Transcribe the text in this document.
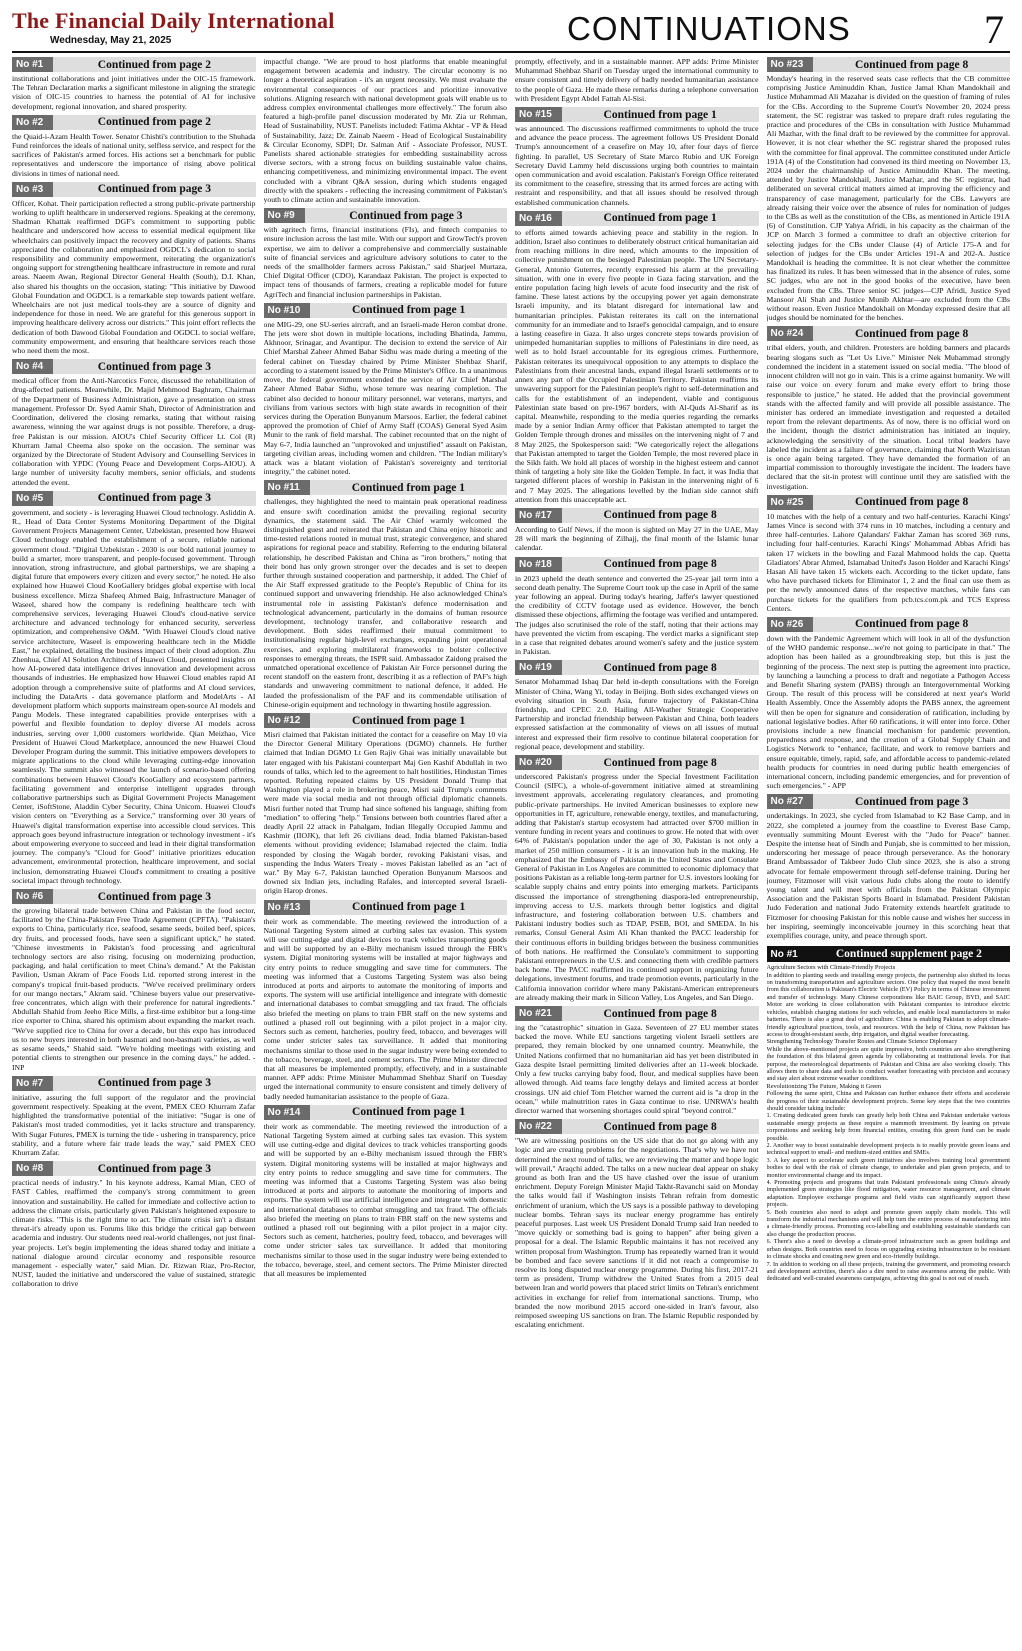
The Financial Daily International
Wednesday, May 21, 2025	CONTINUATIONS	7
No #1	Continued from page 2

institutional collaborations and joint initiatives under the OIC-15 framework. The Tehran Declaration marks a significant milestone in aligning the strategic vision of OIC-15 countries to harness the potential of AI for inclusive development, regional innovation, and shared prosperity.

No #2	Continued from page 2

the Quaid-i-Azam Health Tower. Senator Chishti's contribution to the Shuhada Fund reinforces the ideals of national unity, selfless service, and respect for the sacrifices of Pakistan's armed forces. His actions set a benchmark for public representatives and underscore the importance of rising above political divisions in times of national need.

No #3	Continued from page 3

Officer, Kohat. Their participation reflected a strong public-private partnership working to uplift healthcare in underserved regions. Speaking at the ceremony, Shadman Khattak reaffirmed DGF's commitment to supporting public healthcare and underscored how access to essential medical equipment like wheelchairs can positively impact the recovery and dignity of patients. Shams appreciated the collaboration and emphasized OGDCL's dedication to social responsibility and community empowerment, reiterating the organization's ongoing support for strengthening healthcare infrastructure in remote and rural areas. Naeem Awan, Regional Director General Health (South), D.I. Khan, also shared his thoughts on the occasion, stating: "This initiative by Dawood Global Foundation and OGDCL is a remarkable step towards patient welfare. Wheelchairs are not just medical tools-they are a source of dignity and independence for those in need. We are grateful for this generous support in improving healthcare delivery across our districts." This joint effort reflects the dedication of both Dawood Global Foundation and OGDCL to social welfare, community empowerment, and ensuring that healthcare services reach those who need them the most.

No #4	Continued from page 3

medical officer from the Anti-Narcotics Force, discussed the rehabilitation of drug-affected patients. Meanwhile, Dr. Majid Mehmood Baghram, Chairman of the Department of Business Administration, gave a presentation on stress management. Professor Dr. Syed Aamir Shah, Director of Administration and Coordination, delivered the closing remarks, stating that without raising awareness, winning the war against drugs is not possible. Therefore, a drug-free Pakistan is our mission. AIOU's Chief Security Officer Lt. Col (R) Khurram Jamal Cheema also spoke on the occasion. The seminar was organized by the Directorate of Student Advisory and Counselling Services in collaboration with YPDC (Young Peace and Development Corps-AIOU). A large number of university faculty members, senior officials, and students attended the event.

No #5	Continued from page 3

government, and society - is leveraging Huawei Cloud technology. Asliddin A. R., Head of Data Center Systems Monitoring Department of the Digital Government Projects Management Center, Uzbekistan, presented how Huawei Cloud technology enabled the establishment of a secure, reliable national government cloud. "Digital Uzbekistan - 2030 is our bold national journey to build a smarter, more transparent, and people-focused government. Through innovation, strong infrastructure, and global partnerships, we are shaping a digital future that empowers every citizen and every sector," he noted. He also explained how Huawei Cloud KooGallery bridges global expertise with local business excellence. Mirza Shafeeq Ahmed Baig, Infrastructure Manager of Waseel, shared how the company is redefining healthcare tech with comprehensive services, leveraging Huawei Cloud's cloud-native service architecture and advanced technology for enhanced security, serverless optimization, and comprehensive O&M. "With Huawei Cloud's cloud native service architecture, Waseel is empowering healthcare tech in the Middle East," he explained, detailing the business impact of their cloud adoption. Zhu Zhenhua, Chief AI Solution Architect of Huawei Cloud, presented insights on how AI-powered data intelligence drives innovation and development across thousands of industries. He emphasized how Huawei Cloud enables rapid AI adoption through a comprehensive suite of platforms and AI cloud services, including the DataArts - data governance platform and ModelArts - AI development platform which supports mainstream open-source AI models and Pangu Models. These integrated capabilities provide enterprises with a powerful and flexible foundation to deploy diverse AI models across industries, serving over 1,000 customers worldwide. Qian Meizhao, Vice President of Huawei Cloud Marketplace, announced the new Huawei Cloud Developer Program during the summit. This initiative empowers developers to migrate applications to the cloud while leveraging cutting-edge innovation seamlessly. The summit also witnessed the launch of scenario-based offering combinations between Huawei Cloud's KooGallery and ecosystem partners, facilitating government and enterprise intelligent upgrades through collaborative partnerships such as Digital Government Projects Management Center, iSoftStone, Aladdin Cyber Security, China Unicom. Huawei Cloud's vision centers on "Everything as a Service," transforming over 30 years of Huawei's digital transformation expertise into accessible cloud services. This approach goes beyond infrastructure integration or technology investment - it's about empowering everyone to succeed and lead in their digital transformation journey. The company's "Cloud for Good" initiative prioritizes education advancement, environmental protection, healthcare improvement, and social inclusion, demonstrating Huawei Cloud's commitment to creating a positive societal impact through technology.

No #6	Continued from page 3

the growing bilateral trade between China and Pakistan in the food sector, facilitated by the China-Pakistan Free Trade Agreement (CPFTA). "Pakistan's exports to China, particularly rice, seafood, sesame seeds, boiled beef, spices, dry fruits, and processed foods, have seen a significant uptick," he stated. "Chinese investments in Pakistan's food processing and agricultural technology sectors are also rising, focusing on modernizing production, packaging, and halal certification to meet China's demand." At the Pakistan Pavilion, Usman Akram of Pace Foods Ltd. reported strong interest in the company's tropical fruit-based products. "We've received preliminary orders for our mango nectars," Akram said. "Chinese buyers value our preservative-free concentrates, which align with their preference for natural ingredients." Abdullah Shahid from Jeeho Rice Mills, a first-time exhibitor but a long-time rice exporter to China, shared his optimism about expanding the market reach. "We've supplied rice to China for over a decade, but this expo has introduced us to new buyers interested in both basmati and non-basmati varieties, as well as sesame seeds," Shahid said. "We're holding meetings with existing and potential clients to strengthen our presence in the coming days," he added. - INP

No #7	Continued from page 3

initiative, assuring the full support of the regulator and the provincial government respectively. Speaking at the event, PMEX CEO Khurram Zafar highlighted the transformative potential of the initiative: "Sugar is one of Pakistan's most traded commodities, yet it lacks structure and transparency. With Sugar Futures, PMEX is turning the tide - ushering in transparency, price stability, and a future where fair trade leads the way," said PMEX CEO Khurram Zafar.

No #8	Continued from page 3

practical needs of industry." In his keynote address, Kamal Mian, CEO of FAST Cables, reaffirmed the company's strong commitment to green innovation and sustainability. He called for immediate and collective action to address the climate crisis, particularly given Pakistan's heightened exposure to climate risks. "This is the right time to act. The climate crisis isn't a distant threat-it's already upon us. Forums like this bridge the critical gap between academia and industry. Our students need real-world challenges, not just final-year projects. Let's begin implementing the ideas shared today and initiate a national dialogue around circular economy and responsible resource management - especially water," said Mian. Dr. Rizwan Riaz, Pro-Rector, NUST, lauded the initiative and underscored the value of sustained, strategic collaboration to drive

impactful change. "We are proud to host platforms that enable meaningful engagement between academia and industry. The circular economy is no longer a theoretical aspiration - it's an urgent necessity. We must evaluate the environmental consequences of our practices and prioritize innovative solutions. Aligning research with national development goals will enable us to address complex environmental challenges more effectively." The forum also featured a high-profile panel discussion moderated by Mr. Zia ur Rehman, Head of Sustainability, NUST. Panelists included: Fatima Akhtar - VP & Head of Sustainability, Jazz; Dr. Zainab Naeem - Head of Ecological Sustainability & Circular Economy, SDPI; Dr. Salman Atif - Associate Professor, NUST. Panelists shared actionable strategies for embedding sustainability across diverse sectors, with a strong focus on building sustainable value chains, enhancing competitiveness, and minimizing environmental impact. The event concluded with a vibrant Q&A session, during which students engaged directly with the speakers - reflecting the increasing commitment of Pakistan's youth to climate action and sustainable innovation.

No #9	Continued from page 3

with agritech firms, financial institutions (FIs), and fintech companies to ensure inclusion across the last mile. With our support and GrowTech's proven expertise, we aim to deliver a comprehensive and commercially sustainable suite of financial services and agriculture advisory solutions to cater to the needs of the smallholder farmers across Pakistan," said Sharjeel Murtaza, Chief Digital Officer (CDO), Karandaaz Pakistan. The project is expected to impact tens of thousands of farmers, creating a replicable model for future AgriTech and financial inclusion partnerships in Pakistan.

No #10	Continued from page 1

one MIG-29, one SU-series aircraft, and an Israeli-made Heron combat drone. The jets were shot down in multiple locations, including Bhatinda, Jammu, Akhnoor, Srinagar, and Avantipur. The decision to extend the service of Air Chief Marshal Zaheer Ahmed Babar Sidhu was made during a meeting of the federal cabinet on Tuesday chaired by Prime Minister Shehbaz Sharif, according to a statement issued by the Prime Minister's Office. In a unanimous move, the federal government extended the service of Air Chief Marshal Zaheer Ahmed Babar Sidhu, whose tenure was nearing completion. The cabinet also decided to honour military personnel, war veterans, martyrs, and civilians from various sectors with high state awards in recognition of their services during the Operation Bunyanum Marsoos. Earlier, the federal cabinet approved the promotion of Chief of Army Staff (COAS) General Syed Asim Munir to the rank of field marshal. The cabinet recounted that on the night of May 6-7, India launched an "unprovoked and unjustified" assault on Pakistan, targeting civilian areas, including women and children. "The Indian military's attack was a blatant violation of Pakistan's sovereignty and territorial integrity," the cabinet noted.

No #11	Continued from page 1

challenges, they highlighted the need to maintain peak operational readiness and ensure swift coordination amidst the prevailing regional security dynamics, the statement said. The Air Chief warmly welcomed the distinguished guest and reiterated that Pakistan and China enjoy historic and time-tested relations rooted in mutual trust, strategic convergence, and shared aspirations for regional peace and stability. Referring to the enduring bilateral relationship, he described Pakistan and China as "iron brothers," noting that their bond has only grown stronger over the decades and is set to deepen further through sustained cooperation and partnership, it added. The Chief of the Air Staff expressed gratitude to the People's Republic of China for its continued support and unwavering friendship. He also acknowledged China's instrumental role in assisting Pakistan's defence modernisation and technological advancement, particularly in the domains of human resource development, technology transfer, and collaborative research and development. Both sides reaffirmed their mutual commitment to institutionalising regular high-level exchanges, expanding joint operational exercises, and exploring multilateral frameworks to bolster collective responses to emerging threats, the ISPR said. Ambassador Zaidong praised the unmatched operational excellence of Pakistan Air Force personnel during the recent standoff on the eastern front, describing it as a reflection of PAF's high standards and unwavering commitment to national defence, it added. He lauded the professionalism of the PAF and its commendable utilisation of Chinese-origin equipment and technology in thwarting hostile aggression.

No #12	Continued from page 1

Misri claimed that Pakistan initiated the contact for a ceasefire on May 10 via the Director General Military Operations (DGMO) channels. He further claimed that Indian DGMO Lt Gen Rajiv Ghai was initially unavailable but later engaged with his Pakistani counterpart Maj Gen Kashif Abdullah in two rounds of talks, which led to the agreement to halt hostilities, Hindustan Times reported. Refuting repeated claims by US President Donald Trump that Washington played a role in brokering peace, Misri said Trump's comments were made via social media and not through official diplomatic channels. Misri further noted that Trump had since softened his language, shifting from "mediation" to offering "help." Tensions between both countries flared after a deadly April 22 attack in Pahalgam, Indian Illegally Occupied Jammu and Kashmir (IIOJK), that left 26 civilians dead. India blamed Pakistan-based elements without providing evidence; Islamabad rejected the claim. India responded by closing the Wagah border, revoking Pakistani visas, and suspending the Indus Waters Treaty - moves Pakistan labelled as an "act of war." By May 6-7, Pakistan launched Operation Bunyanum Marsoos and downed six Indian jets, including Rafales, and intercepted several Israeli-origin Harop drones.

No #13	Continued from page 1

their work as commendable. The meeting reviewed the introduction of a National Targeting System aimed at curbing sales tax evasion. This system will use cutting-edge and digital devices to track vehicles transporting goods and will be supported by an e-Bilty mechanism issued through the FBR's system. Digital monitoring systems will be installed at major highways and city entry points to reduce smuggling and save time for commuters. The meeting was informed that a Customs Targeting System was also being introduced at ports and airports to automate the monitoring of imports and exports. The system will use artificial intelligence and integrate with domestic and international databases to combat smuggling and tax fraud. The officials also briefed the meeting on plans to train FBR staff on the new systems and outlined a phased roll out beginning with a pilot project in a major city. Sectors such as cement, hatcheries, poultry feed, tobacco, and beverages will come under stricter sales tax surveillance. It added that monitoring mechanisms similar to those used in the sugar industry were being extended to the tobacco, beverage, steel, and cement sectors. The Prime Minister directed that all measures be implemented promptly, effectively, and in a sustainable manner. APP adds: Prime Minister Muhammad Shehbaz Sharif on Tuesday urged the international community to ensure consistent and timely delivery of badly needed humanitarian assistance to the people of Gaza.

No #14	Continued from page 1

their work as commendable. The meeting reviewed the introduction of a National Targeting System aimed at curbing sales tax evasion. This system will use cutting-edge and digital devices to track vehicles transporting goods and will be supported by an e-Bilty mechanism issued through the FBR's system. Digital monitoring systems will be installed at major highways and city entry points to reduce smuggling and save time for commuters. The meeting was informed that a Customs Targeting System was also being introduced at ports and airports to automate the monitoring of imports and exports. The system will use artificial intelligence and integrate with domestic and international databases to combat smuggling and tax fraud. The officials also briefed the meeting on plans to train FBR staff on the new systems and outlined a phased roll out beginning with a pilot project in a major city. Sectors such as cement, hatcheries, poultry feed, tobacco, and beverages will come under stricter sales tax surveillance. It added that monitoring mechanisms similar to those used in the sugar industry were being extended to the tobacco, beverage, steel, and cement sectors. The Prime Minister directed that all measures be implemented

promptly, effectively, and in a sustainable manner. APP adds: Prime Minister Muhammad Shehbaz Sharif on Tuesday urged the international community to ensure consistent and timely delivery of badly needed humanitarian assistance to the people of Gaza. He made these remarks during a telephone conversation with President Egypt Abdel Fattah Al-Sisi.

No #15	Continued from page 1

was announced. The discussions reaffirmed commitments to uphold the truce and advance the peace process. The agreement follows US President Donald Trump's announcement of a ceasefire on May 10, after four days of fierce fighting. In parallel, US Secretary of State Marco Rubio and UK Foreign Secretary David Lammy held discussions urging both countries to maintain open communication and avoid escalation. Pakistan's Foreign Office reiterated its commitment to the ceasefire, stressing that its armed forces are acting with restraint and responsibility, and that all issues should be resolved through established communication channels.

No #16	Continued from page 1

to efforts aimed towards achieving peace and stability in the region. In addition, Israel also continues to deliberately obstruct critical humanitarian aid from reaching millions in dire need, which amounts to the imposition of collective punishment on the besieged Palestinian people. The UN Secretary-General, Antonio Guterres, recently expressed his alarm at the prevailing situation, with one in every five people in Gaza facing starvation, and the entire population facing high levels of acute food insecurity and the risk of famine. These latest actions by the occupying power yet again demonstrate Israeli impunity, and its blatant disregard for international law and humanitarian principles. Pakistan reiterates its call on the international community for an immediate and to Israel's genocidal campaign, and to ensure a lasting ceasefire in Gaza. It also urges concrete steps towards provision of unimpeded humanitarian supplies to millions of Palestinians in dire need, as well as to hold Israel accountable for its egregious crimes. Furthermore, Pakistan reiterates its unequivocal opposition to any attempts to displace the Palestinians from their ancestral lands, expand illegal Israeli settlements or to annex any part of the Occupied Palestinian Territory. Pakistan reaffirms its unwavering support for the Palestinian people's right to self-determination and calls for the establishment of an independent, viable and contiguous Palestinian state based on pre-1967 borders, with Al-Quds Al-Sharif as its capital. Meanwhile, responding to the media queries regarding the remarks made by a senior Indian Army officer that Pakistan attempted to target the Golden Temple through drones and missiles on the intervening night of 7 and 8 May 2025, the Spokesperson said: "We categorically reject the allegations that Pakistan attempted to target the Golden Temple, the most revered place in the Sikh faith. We hold all places of worship in the highest esteem and cannot think of targeting a holy site like the Golden Temple. In fact, it was India that targeted different places of worship in Pakistan in the intervening night of 6 and 7 May 2025. The allegations levelled by the Indian side cannot shift attention from this unacceptable act.

No #17	Continued from page 8

According to Gulf News, if the moon is sighted on May 27 in the UAE, May 28 will mark the beginning of Zilhajj, the final month of the Islamic lunar calendar.

No #18	Continued from page 8

in 2023 upheld the death sentence and converted the 25-year jail term into a second death penalty. The Supreme Court took up the case in April of the same year following an appeal. During today's hearing, Jaffer's lawyer questioned the credibility of CCTV footage used as evidence. However, the bench dismissed these objections, affirming the footage was verified and untampered. The judges also scrutinised the role of the staff, noting that their actions may have prevented the victim from escaping. The verdict marks a significant step in a case that reignited debates around women's safety and the justice system in Pakistan.

No #19	Continued from page 8

Senator Mohammad Ishaq Dar held in-depth consultations with the Foreign Minister of China, Wang Yi, today in Beijing. Both sides exchanged views on evolving situation in South Asia, future trajectory of Pakistan-China friendship, and CPEC 2.0. Hailing All-Weather Strategic Cooperative Partnership and ironclad friendship between Pakistan and China, both leaders expressed satisfaction at the commonality of views on all issues of mutual interest and expressed their firm resolve to continue bilateral cooperation for regional peace, development and stability.

No #20	Continued from page 8

underscored Pakistan's progress under the Special Investment Facilitation Council (SIFC), a whole-of-government initiative aimed at streamlining investment approvals, accelerating regulatory clearances, and promoting public-private partnerships. He invited American businesses to explore new opportunities in IT, agriculture, renewable energy, textiles, and manufacturing, adding that Pakistan's startup ecosystem had attracted over $700 million in venture funding in recent years and continues to grow. He noted that with over 64% of Pakistan's population under the age of 30, Pakistan is not only a market of 250 million consumers - it is an innovation hub in the making. He emphasized that the Embassy of Pakistan in the United States and Consulate General of Pakistan in Los Angeles are committed to economic diplomacy that positions Pakistan as a reliable long-term partner for U.S. investors looking for scalable supply chains and entry points into emerging markets. Participants discussed the importance of strengthening diaspora-led entrepreneurship, improving access to U.S. markets through better logistics and digital infrastructure, and fostering collaboration between U.S. chambers and Pakistani industry bodies such as TDAP, PSEB, BOI, and SMEDA. In his remarks, Consul General Asim Ali Khan thanked the PACC leadership for their continuous efforts in building bridges between the business communities of both nations. He reaffirmed the Consulate's commitment to supporting Pakistani entrepreneurs in the U.S. and connecting them with credible partners back home. The PACC reaffirmed its continued support in organizing future delegations, investment forums, and trade promotion events, particularly in the California innovation corridor where many Pakistani-American entrepreneurs are already making their mark in Silicon Valley, Los Angeles, and San Diego.

No #21	Continued from page 8

ing the "catastrophic" situation in Gaza. Seventeen of 27 EU member states backed the move. While EU sanctions targeting violent Israeli settlers are prepared, they remain blocked by one unnamed country. Meanwhile, the United Nations confirmed that no humanitarian aid has yet been distributed in Gaza despite Israel permitting limited deliveries after an 11-week blockade. Only a few trucks carrying baby food, flour, and medical supplies have been allowed through. Aid teams face lengthy delays and limited access at border crossings. UN aid chief Tom Fletcher warned the current aid is "a drop in the ocean," while malnutrition rates in Gaza continue to rise. UNRWA's health director warned that worsening shortages could spiral "beyond control."

No #22	Continued from page 8

"We are witnessing positions on the US side that do not go along with any logic and are creating problems for the negotiations. That's why we have not determined the next round of talks, we are reviewing the matter and hope logic will prevail," Araqchi added. The talks on a new nuclear deal appear on shaky ground as both Iran and the US have clashed over the issue of uranium enrichment. Deputy Foreign Minister Majid Takht-Ravanchi said on Monday the talks would fail if Washington insists Tehran refrain from domestic enrichment of uranium, which the US says is a possible pathway to developing nuclear bombs. Tehran says its nuclear energy programme has entirely peaceful purposes. Last week US President Donald Trump said Iran needed to "move quickly or something bad is going to happen" after being given a proposal for a deal. The Islamic Republic maintains it has not received any written proposal from Washington. Trump has repeatedly warned Iran it would be bombed and face severe sanctions if it did not reach a compromise to resolve its long disputed nuclear energy programme. During his first, 2017-21 term as president, Trump withdrew the United States from a 2015 deal between Iran and world powers that placed strict limits on Tehran's enrichment activities in exchange for relief from international sanctions. Trump, who branded the now moribund 2015 accord one-sided in Iran's favour, also reimposed sweeping US sanctions on Iran. The Islamic Republic responded by escalating enrichment.

No #23	Continued from page 8

Monday's hearing in the reserved seats case reflects that the CB committee comprising Justice Aminuddin Khan, Justice Jamal Khan Mandokhail and Justice Muhammad Ali Mazahar is divided on the question of framing of rules for the CBs. According to the Supreme Court's November 20, 2024 press statement, the SC registrar was tasked to prepare draft rules regulating the practice and procedures of the CBs in consultation with Justice Muhammad Ali Mazhar, with the final draft to be reviewed by the committee for approval. However, it is not clear whether the SC registrar shared the proposed rules with the committee for final approval. The committee constituted under Article 191A (4) of the Constitution had convened its third meeting on November 13, 2024 under the chairmanship of Justice Aminuddin Khan. The meeting, attended by Justice Mandokhail, Justice Mazhar, and the SC registrar, had deliberated on several critical matters aimed at improving the efficiency and transparency of case management, particularly for the CBs. Lawyers are already raising their voice over the absence of rules for nomination of judges to the CBs as well as the constitution of the CBs, as mentioned in Article 191A (6) of Constitution. CJP Yahya Afridi, in his capacity as the chairman of the JCP on March 3 formed a committee to draft an objective criterion for selecting judges for the CBs under Clause (4) of Article 175-A and for selection of judges for the CBs under Articles 191-A and 202-A. Justice Mandokhail is heading the committee. It is not clear whether the committee has finalized its rules. It has been witnessed that in the absence of rules, some SC judges, who are not in the good books of the executive, have been excluded from the CBs. Three senior SC judges—CJP Afridi, Justice Syed Mansoor Ali Shah and Justice Munib Akhtar—are excluded from the CBs without reason. Even Justice Mandokhail on Monday expressed desire that all judges should be nominated for the benches.

No #24	Continued from page 8

tribal elders, youth, and children. Protesters are holding banners and placards bearing slogans such as "Let Us Live." Minister Nek Muhammad strongly condemned the incident in a statement issued on social media. "The blood of innocent children will not go in vain. This is a crime against humanity. We will raise our voice on every forum and make every effort to bring those responsible to justice," he stated. He added that the provincial government stands with the affected family and will provide all possible assistance. The minister has ordered an immediate investigation and requested a detailed report from the relevant departments. As of now, there is no official word on the incident, though the district administration has initiated an inquiry, acknowledging the sensitivity of the situation. Local tribal leaders have labeled the incident as a failure of governance, claiming that North Waziristan is once again being targeted. They have demanded the formation of an impartial commission to thoroughly investigate the incident. The leaders have declared that the sit-in protest will continue until they are satisfied with the investigation.

No #25	Continued from page 8

10 matches with the help of a century and two half-centuries. Karachi Kings' James Vince is second with 374 runs in 10 matches, including a century and three half-centuries. Lahore Qalandars' Fakhar Zaman has scored 369 runs, including four half-centuries. Karachi Kings' Mohammad Abbas Afridi has taken 17 wickets in the bowling and Fazal Mahmood holds the cap. Quetta Gladiators' Abrar Ahmed, Islamabad United's Jason Holder and Karachi Kings' Hasan Ali have taken 15 wickets each. According to the ticket update, fans who have purchased tickets for Eliminator 1, 2 and the final can use them as per the newly announced dates of the respective matches, while fans can purchase tickets for the qualifiers from pcb.tcs.com.pk and TCS Express Centers.

No #26	Continued from page 8

down with the Pandemic Agreement which will look in all of the dysfunction of the WHO pandemic response...we're not going to participate in that." The adoption has been hailed as a groundbreaking step, but this is just the beginning of the process. The next step is putting the agreement into practice, by launching a launching a process to draft and negotiate a Pathogen Access and Benefit Sharing system (PABS) through an Intergovernmental Working Group. The result of this process will be considered at next year's World Health Assembly. Once the Assembly adopts the PABS annex, the agreement will then be open for signature and consideration of ratification, including by national legislative bodies. After 60 ratifications, it will enter into force. Other provisions include a new financial mechanism for pandemic prevention, preparedness and response, and the creation of a Global Supply Chain and Logistics Network to "enhance, facilitate, and work to remove barriers and ensure equitable, timely, rapid, safe, and affordable access to pandemic-related health products for countries in need during public health emergencies of international concern, including pandemic emergencies, and for prevention of such emergencies." - APP

No #27	Continued from page 3

undertakings. In 2023, she cycled from Islamabad to K2 Base Camp, and in 2022, she completed a journey from the coastline to Everest Base Camp, eventually summiting Mount Everest with the "Judo for Peace" banner. Despite the intense heat of Sindh and Punjab, she is committed to her mission, underscoring her message of peace through perseverance. As the honorary Brand Ambassador of Takbeer Judo Club since 2023, she is also a strong advocate for female empowerment through self-defense training. During her journey, Fitzmoser will visit various Judo clubs along the route to identify young talent and will meet with officials from the Pakistan Olympic Association and the Pakistan Sports Board in Islamabad. President Pakistan Judo Federation and national Judo Fraternity extends heartfelt gratitude to Fitzmoser for choosing Pakistan for this noble cause and wishes her success in her inspiring, seemingly inconceivable journey in this scorching heat that exemplifies courage, unity, and peace through sport.

No #1	Continued supplement page 2

Agriculture Sectors with Climate-Friendly Projects

In addition to planting seeds and installing energy projects, the partnership also shifted its focus on transforming transportation and agriculture sectors. One policy that reaped the most benefit from this collaboration is Pakistan's Electric Vehicle (EV) Policy in terms of Chinese investment and transfer of technology. Many Chinese corporations like BAIC Group, BYD, and SAIC Motor are working in close collaboration with Pakistani companies to introduce electric vehicles, establish charging stations for such vehicles, and enable local manufacturers to make batteries. There is also a great deal of agriculture. China is enabling Pakistan to adopt climate-friendly agricultural practices, tools, and resources. With the help of China, now Pakistan has access to drought-resistant seeds, drip irrigation, and digital weather forecasting.

Strengthening Technology Transfer Routes and Climate Science Diplomacy

While the above-mentioned projects are quite impressive, both countries are also strengthening the foundation of this bilateral green agenda by collaborating at institutional levels. For that purpose, the meteorological departments of Pakistan and China are also working closely. This allows them to share data and tools to conduct weather forecasting with precision and accuracy and stay alert about extreme weather conditions.

Revolutionizing The Future, Making it Green

Following the same spirit, China and Pakistan can further enhance their efforts and accelerate the progress of their sustainable development projects. Some key steps that the two countries should consider taking include:

1. Creating dedicated green funds can greatly help both China and Pakistan undertake various sustainable energy projects as these require a mammoth investment. By leaning on private corporations and seeking help from financial entities, creating this green fund can be made possible.

2. Another way to boost sustainable development projects is to readily provide green loans and technical support to small- and medium-sized entities and SMEs.

3. A key aspect to accelerate such green initiatives also involves training local government bodies to deal with the risk of climate change, to undertake and plan green projects, and to monitor environmental change and its impact.

4. Promoting projects and programs that train Pakistani professionals using China's already implemented green strategies like flood mitigation, water resource management, and climate adaptation. Employee exchange programs and field visits can significantly support these projects.

5. Both countries also need to adopt and promote green supply chain models. This will transform the industrial mechanisms and will help turn the entire process of manufacturing into a climate-friendly process. Promoting eco-labelling and establishing sustainable standards can also change the production process.

6. There's also a need to develop a climate-proof infrastructure such as green buildings and urban designs. Both countries need to focus on upgrading existing infrastructure to be resistant to climate shocks and creating new green and eco-friendly buildings.

7. In addition to working on all these projects, training the government, and promoting research and development activities, there's also a dire need to raise awareness among the public. With dedicated and well-curated awareness campaigns, achieving this goal is not out of reach.
